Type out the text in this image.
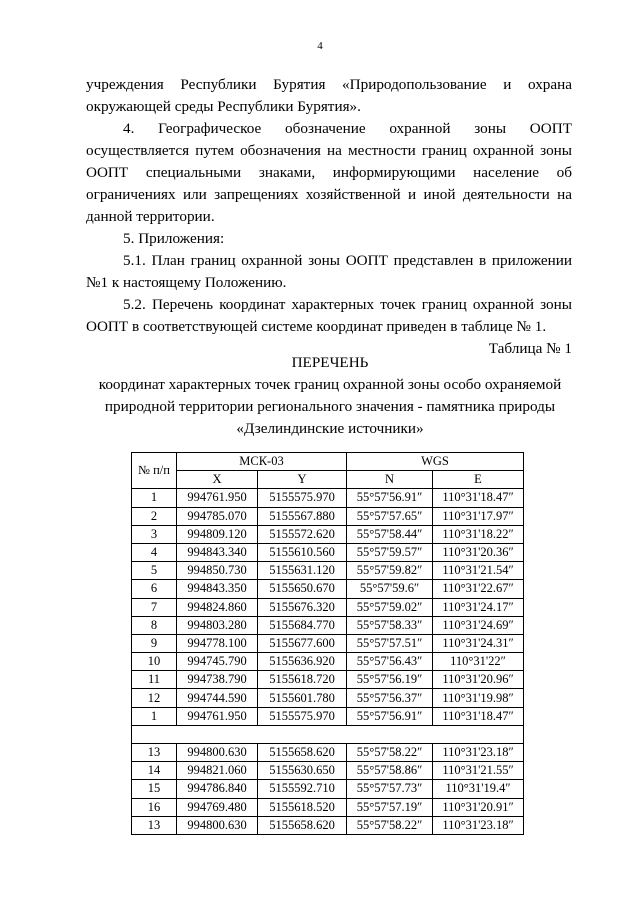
4

учреждения Республики Бурятия «Природопользование и охрана окружающей среды Республики Бурятия».

4. Географическое обозначение охранной зоны ООПТ осуществляется путем обозначения на местности границ охранной зоны ООПТ специальными знаками, информирующими население об ограничениях или запрещениях хозяйственной и иной деятельности на данной территории.

5. Приложения:

5.1. План границ охранной зоны ООПТ представлен в приложении №1 к настоящему Положению.

5.2. Перечень координат характерных точек границ охранной зоны ООПТ в соответствующей системе координат приведен в таблице № 1.

Таблица № 1
ПЕРЕЧЕНЬ
координат характерных точек границ охранной зоны особо охраняемой
природной территории регионального значения - памятника природы
«Дзелиндинские источники»
№ п/п	МСК-03		WGS	
	X	Y	N	E
1	994761.950	5155575.970	55°57'56.91″	110°31'18.47″
2	994785.070	5155567.880	55°57'57.65″	110°31'17.97″
3	994809.120	5155572.620	55°57'58.44″	110°31'18.22″
4	994843.340	5155610.560	55°57'59.57″	110°31'20.36″
5	994850.730	5155631.120	55°57'59.82″	110°31'21.54″
6	994843.350	5155650.670	55°57'59.6″	110°31'22.67″
7	994824.860	5155676.320	55°57'59.02″	110°31'24.17″
8	994803.280	5155684.770	55°57'58.33″	110°31'24.69″
9	994778.100	5155677.600	55°57'57.51″	110°31'24.31″
10	994745.790	5155636.920	55°57'56.43″	110°31'22″
11	994738.790	5155618.720	55°57'56.19″	110°31'20.96″
12	994744.590	5155601.780	55°57'56.37″	110°31'19.98″
1	994761.950	5155575.970	55°57'56.91″	110°31'18.47″

13	994800.630	5155658.620	55°57'58.22″	110°31'23.18″
14	994821.060	5155630.650	55°57'58.86″	110°31'21.55″
15	994786.840	5155592.710	55°57'57.73″	110°31'19.4″
16	994769.480	5155618.520	55°57'57.19″	110°31'20.91″
13	994800.630	5155658.620	55°57'58.22″	110°31'23.18″
